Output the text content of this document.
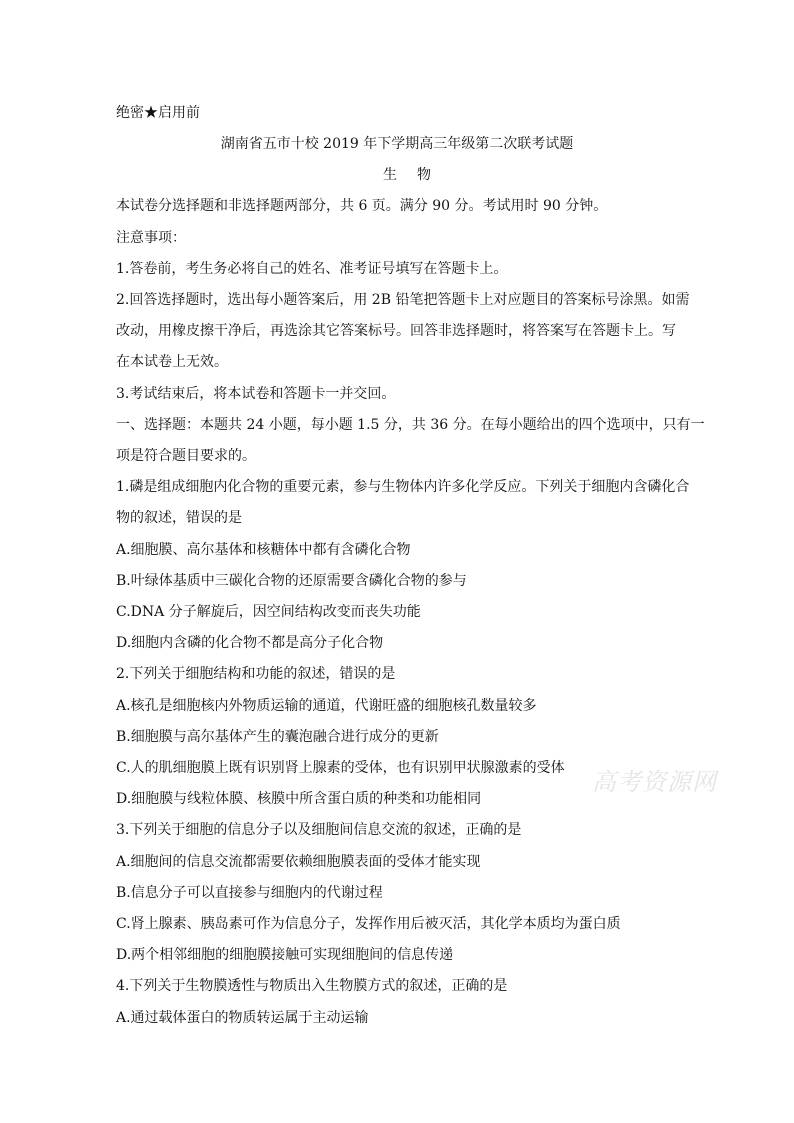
绝密★启用前
湖南省五市十校 2019 年下学期高三年级第二次联考试题
生物
本试卷分选择题和非选择题两部分，共 6 页。满分 90 分。考试用时 90 分钟。
注意事项：
1.答卷前，考生务必将自己的姓名、准考证号填写在答题卡上。
2.回答选择题时，选出每小题答案后，用 2B 铅笔把答题卡上对应题目的答案标号涂黑。如需
改动，用橡皮擦干净后，再选涂其它答案标号。回答非选择题时，将答案写在答题卡上。写
在本试卷上无效。
3.考试结束后，将本试卷和答题卡一并交回。
一、选择题：本题共 24 小题，每小题 1.5 分，共 36 分。在每小题给出的四个选项中，只有一
项是符合题目要求的。
1.磷是组成细胞内化合物的重要元素，参与生物体内许多化学反应。下列关于细胞内含磷化合
物的叙述，错误的是
A.细胞膜、高尔基体和核糖体中都有含磷化合物
B.叶绿体基质中三碳化合物的还原需要含磷化合物的参与
C.DNA 分子解旋后，因空间结构改变而丧失功能
D.细胞内含磷的化合物不都是高分子化合物
2.下列关于细胞结构和功能的叙述，错误的是
A.核孔是细胞核内外物质运输的通道，代谢旺盛的细胞核孔数量较多
B.细胞膜与高尔基体产生的囊泡融合进行成分的更新
C.人的肌细胞膜上既有识别肾上腺素的受体，也有识别甲状腺激素的受体
D.细胞膜与线粒体膜、核膜中所含蛋白质的种类和功能相同
3.下列关于细胞的信息分子以及细胞间信息交流的叙述，正确的是
A.细胞间的信息交流都需要依赖细胞膜表面的受体才能实现
B.信息分子可以直接参与细胞内的代谢过程
C.肾上腺素、胰岛素可作为信息分子，发挥作用后被灭活，其化学本质均为蛋白质
D.两个相邻细胞的细胞膜接触可实现细胞间的信息传递
4.下列关于生物膜透性与物质出入生物膜方式的叙述，正确的是
A.通过载体蛋白的物质转运属于主动运输
高考资源网
